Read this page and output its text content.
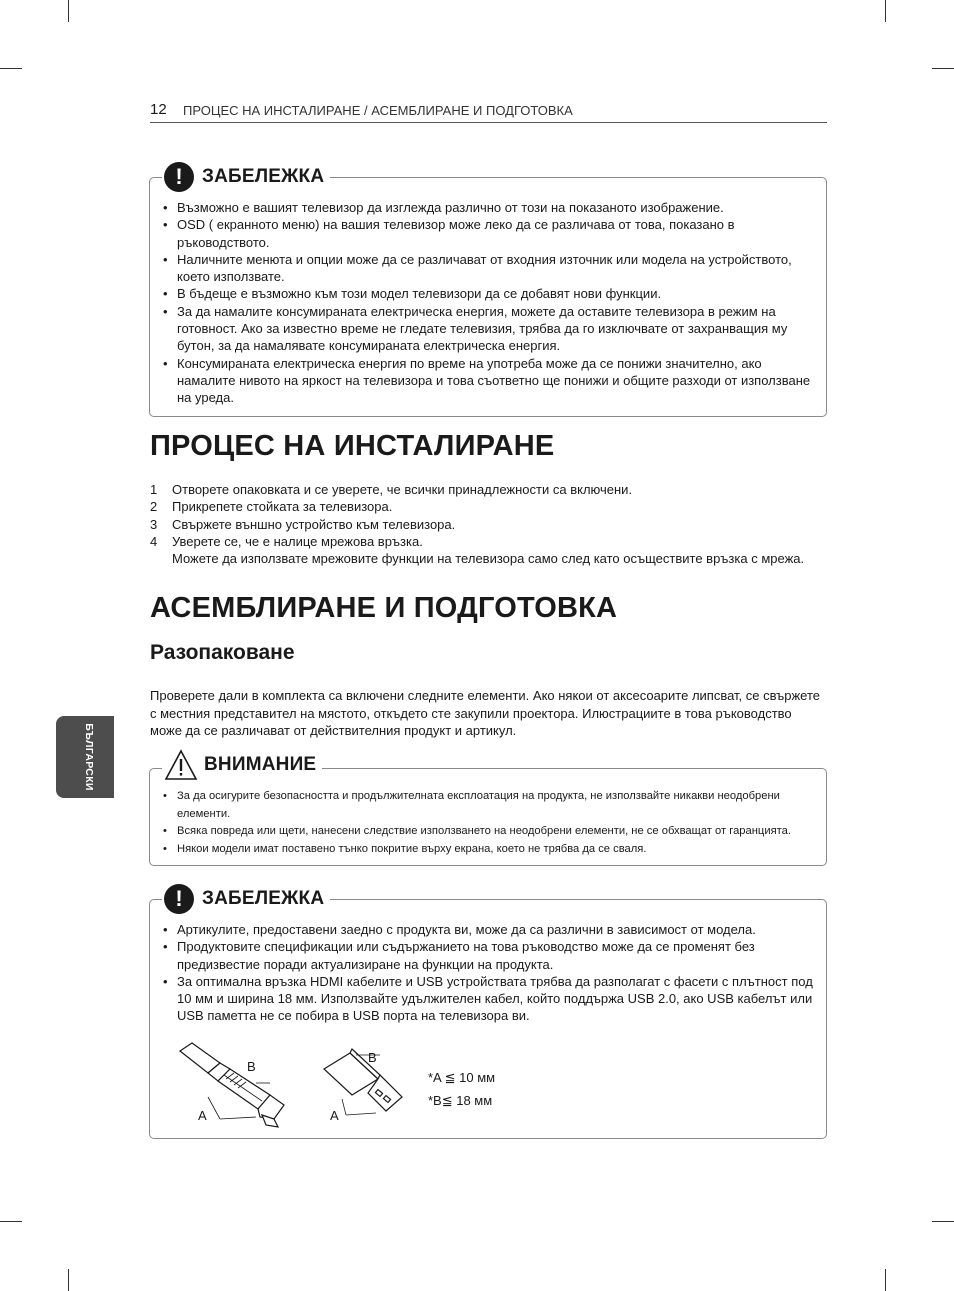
12 ПРОЦЕС НА ИНСТАЛИРАНЕ / АСЕМБЛИРАНЕ И ПОДГОТОВКА
БЪЛГАРСКИ
!	ЗАБЕЛЕЖКА
• Възможно е вашият телевизор да изглежда различно от този на показаното изображение.
• OSD ( екранното меню) на вашия телевизор може леко да се различава от това, показано в ръководството.
• Наличните менюта и опции може да се различават от входния източник или модела на устройството, което използвате.
• В бъдеще е възможно към този модел телевизори да се добавят нови функции.
• За да намалите консумираната електрическа енергия, можете да оставите телевизора в режим на готовност. Ако за известно време не гледате телевизия, трябва да го изключвате от захранващия му бутон, за да намалявате консумираната електрическа енергия.
• Консумираната електрическа енергия по време на употреба може да се понижи значително, ако намалите нивото на яркост на телевизора и това съответно ще понижи и общите разходи от използване на уреда.
ПРОЦЕС НА ИНСТАЛИРАНЕ
1 Отворете опаковката и се уверете, че всички принадлежности са включени.
2 Прикрепете стойката за телевизора.
3 Свържете външно устройство към телевизора.
4 Уверете се, че е налице мрежова връзка.
Можете да използвате мрежовите функции на телевизора само след като осъществите връзка с мрежа.
АСЕМБЛИРАНЕ И ПОДГОТОВКА
Разопаковане
Проверете дали в комплекта са включени следните елементи. Ако някои от аксесоарите липсват, се свържете с местния представител на мястото, откъдето сте закупили проектора. Илюстрациите в това ръководство може да се различават от действителния продукт и артикул.
ВНИМАНИЕ
• За да осигурите безопасността и продължителната експлоатация на продукта, не използвайте никакви неодобрени елементи.
• Всяка повреда или щети, нанесени следствие използването на неодобрени елементи, не се обхващат от гаранцията.
• Някои модели имат поставено тънко покритие върху екрана, което не трябва да се сваля.
!	ЗАБЕЛЕЖКА
• Артикулите, предоставени заедно с продукта ви, може да са различни в зависимост от модела.
• Продуктовите спецификации или съдържанието на това ръководство може да се променят без предизвестие поради актуализиране на функции на продукта.
• За оптимална връзка HDMI кабелите и USB устройствата трябва да разполагат с фасети с плътност под 10 мм и ширина 18 мм. Използвайте удължителен кабел, който поддържа USB 2.0, ако USB кабелът или USB паметта не се побира в USB порта на телевизора ви.
B
A
B
A
*A ≦ 10 мм
*B≦ 18 мм
